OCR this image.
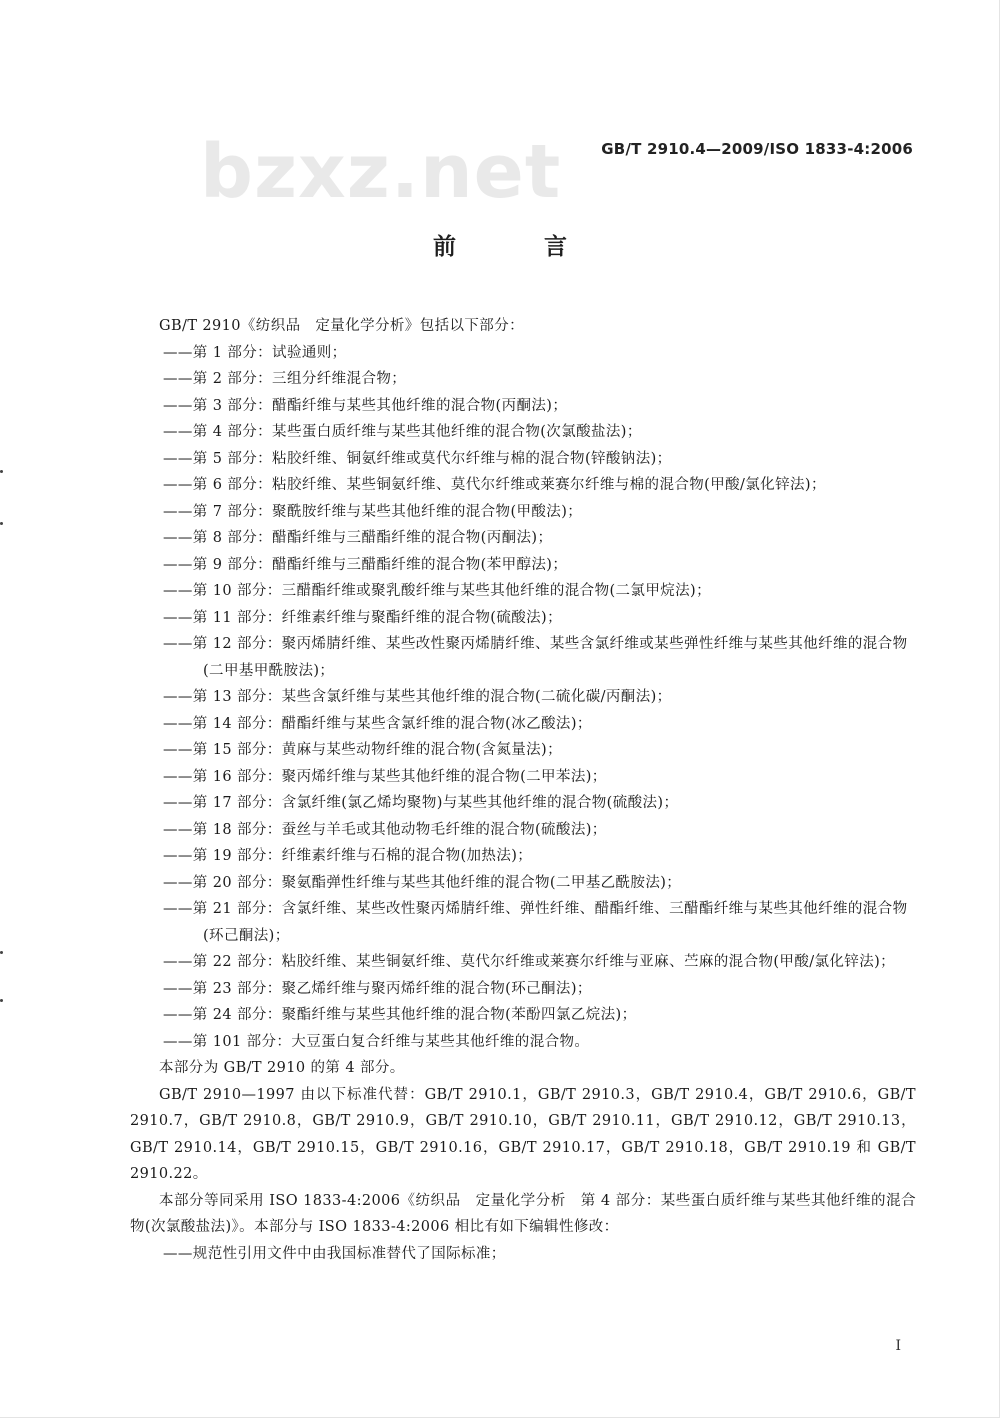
bzxz.net	GB/T 2910.4—2009/ISO 1833-4:2006
前 言

GB/T 2910《纺织品　定量化学分析》包括以下部分：

——第 1 部分：试验通则；
——第 2 部分：三组分纤维混合物；
——第 3 部分：醋酯纤维与某些其他纤维的混合物(丙酮法)；
——第 4 部分：某些蛋白质纤维与某些其他纤维的混合物(次氯酸盐法)；
——第 5 部分：粘胶纤维、铜氨纤维或莫代尔纤维与棉的混合物(锌酸钠法)；
——第 6 部分：粘胶纤维、某些铜氨纤维、莫代尔纤维或莱赛尔纤维与棉的混合物(甲酸/氯化锌法)；
——第 7 部分：聚酰胺纤维与某些其他纤维的混合物(甲酸法)；
——第 8 部分：醋酯纤维与三醋酯纤维的混合物(丙酮法)；
——第 9 部分：醋酯纤维与三醋酯纤维的混合物(苯甲醇法)；
——第 10 部分：三醋酯纤维或聚乳酸纤维与某些其他纤维的混合物(二氯甲烷法)；
——第 11 部分：纤维素纤维与聚酯纤维的混合物(硫酸法)；
——第 12 部分：聚丙烯腈纤维、某些改性聚丙烯腈纤维、某些含氯纤维或某些弹性纤维与某些其他纤维的混合物(二甲基甲酰胺法)；
——第 13 部分：某些含氯纤维与某些其他纤维的混合物(二硫化碳/丙酮法)；
——第 14 部分：醋酯纤维与某些含氯纤维的混合物(冰乙酸法)；
——第 15 部分：黄麻与某些动物纤维的混合物(含氮量法)；
——第 16 部分：聚丙烯纤维与某些其他纤维的混合物(二甲苯法)；
——第 17 部分：含氯纤维(氯乙烯均聚物)与某些其他纤维的混合物(硫酸法)；
——第 18 部分：蚕丝与羊毛或其他动物毛纤维的混合物(硫酸法)；
——第 19 部分：纤维素纤维与石棉的混合物(加热法)；
——第 20 部分：聚氨酯弹性纤维与某些其他纤维的混合物(二甲基乙酰胺法)；
——第 21 部分：含氯纤维、某些改性聚丙烯腈纤维、弹性纤维、醋酯纤维、三醋酯纤维与某些其他纤维的混合物(环己酮法)；
——第 22 部分：粘胶纤维、某些铜氨纤维、莫代尔纤维或莱赛尔纤维与亚麻、苎麻的混合物(甲酸/氯化锌法)；
——第 23 部分：聚乙烯纤维与聚丙烯纤维的混合物(环己酮法)；
——第 24 部分：聚酯纤维与某些其他纤维的混合物(苯酚四氯乙烷法)；
——第 101 部分：大豆蛋白复合纤维与某些其他纤维的混合物。

本部分为 GB/T 2910 的第 4 部分。

GB/T 2910—1997 由以下标准代替：GB/T 2910.1，GB/T 2910.3，GB/T 2910.4，GB/T 2910.6，GB/T 2910.7，GB/T 2910.8，GB/T 2910.9，GB/T 2910.10，GB/T 2910.11，GB/T 2910.12，GB/T 2910.13，GB/T 2910.14，GB/T 2910.15，GB/T 2910.16，GB/T 2910.17，GB/T 2910.18，GB/T 2910.19 和 GB/T 2910.22。

本部分等同采用 ISO 1833-4:2006《纺织品　定量化学分析　第 4 部分：某些蛋白质纤维与某些其他纤维的混合物(次氯酸盐法)》。本部分与 ISO 1833-4:2006 相比有如下编辑性修改：

——规范性引用文件中由我国标准替代了国际标准；
I
